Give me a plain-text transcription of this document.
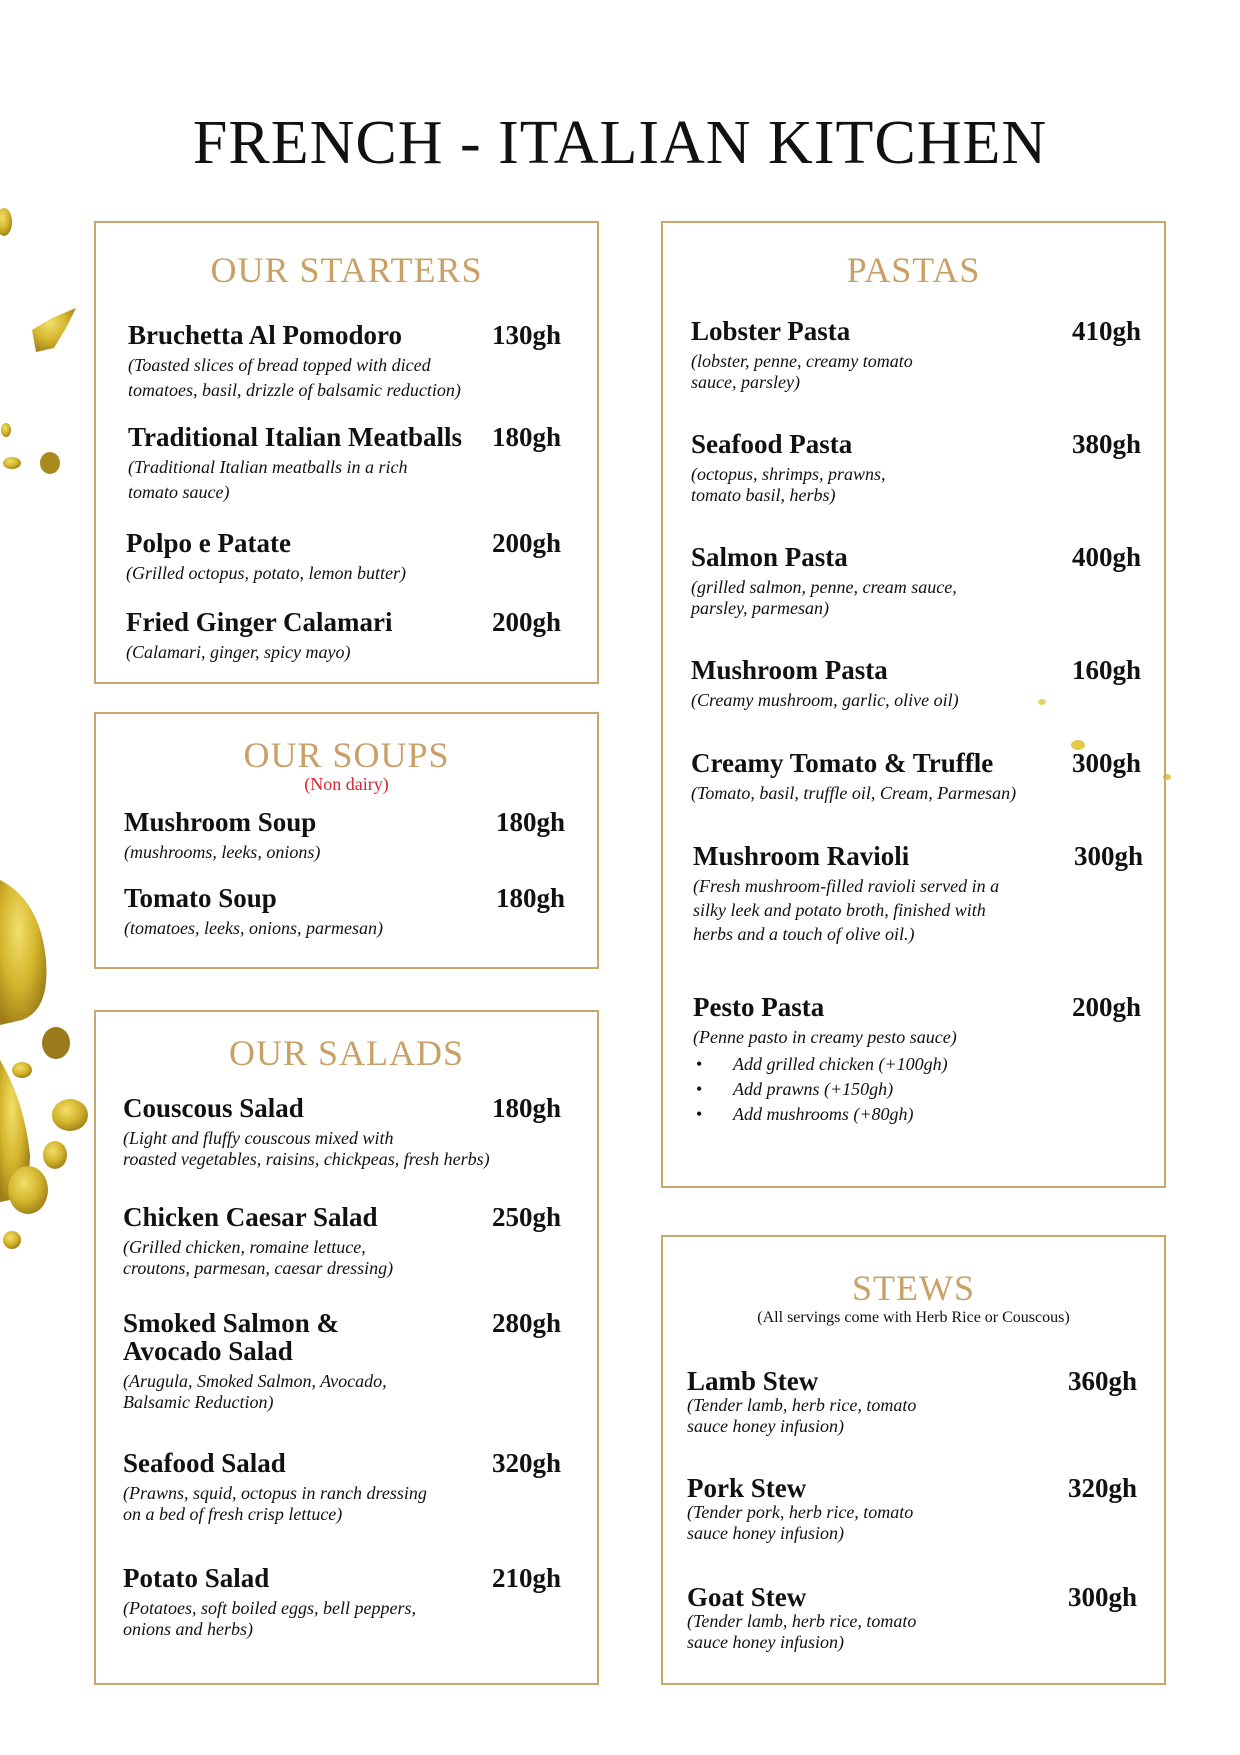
FRENCH - ITALIAN KITCHEN
OUR STARTERS
Bruchetta Al Pomodoro	130gh
(Toasted slices of bread topped with diced
tomatoes, basil, drizzle of balsamic reduction)
Traditional Italian Meatballs	180gh
(Traditional Italian meatballs in a rich
tomato sauce)
Polpo e Patate	200gh
(Grilled octopus, potato, lemon butter)
Fried Ginger Calamari	200gh
(Calamari, ginger, spicy mayo)
OUR SOUPS
(Non dairy)
Mushroom Soup	180gh
(mushrooms, leeks, onions)
Tomato Soup	180gh
(tomatoes, leeks, onions, parmesan)
OUR SALADS
Couscous Salad	180gh
(Light and fluffy couscous mixed with
roasted vegetables, raisins, chickpeas, fresh herbs)
Chicken Caesar Salad	250gh
(Grilled chicken, romaine lettuce,
croutons, parmesan, caesar dressing)
Smoked Salmon &
Avocado Salad
280gh
(Arugula, Smoked Salmon, Avocado,
Balsamic Reduction)
Seafood Salad	320gh
(Prawns, squid, octopus in ranch dressing
on a bed of fresh crisp lettuce)
Potato Salad	210gh
(Potatoes, soft boiled eggs, bell peppers,
onions and herbs)
PASTAS
Lobster Pasta	410gh
(lobster, penne, creamy tomato
sauce, parsley)
Seafood Pasta	380gh
(octopus, shrimps, prawns,
tomato basil, herbs)
Salmon Pasta	400gh
(grilled salmon, penne, cream sauce,
parsley, parmesan)
Mushroom Pasta	160gh
(Creamy mushroom, garlic, olive oil)
Creamy Tomato & Truffle	300gh
(Tomato, basil, truffle oil, Cream, Parmesan)
Mushroom Ravioli	300gh
(Fresh mushroom-filled ravioli served in a
silky leek and potato broth, finished with
herbs and a touch of olive oil.)
Pesto Pasta	200gh
(Penne pasto in creamy pesto sauce)
• Add grilled chicken (+100gh)
• Add prawns (+150gh)
• Add mushrooms (+80gh)
STEWS
(All servings come with Herb Rice or Couscous)
Lamb Stew	360gh
(Tender lamb, herb rice, tomato
sauce honey infusion)
Pork Stew	320gh
(Tender pork, herb rice, tomato
sauce honey infusion)
Goat Stew	300gh
(Tender lamb, herb rice, tomato
sauce honey infusion)
